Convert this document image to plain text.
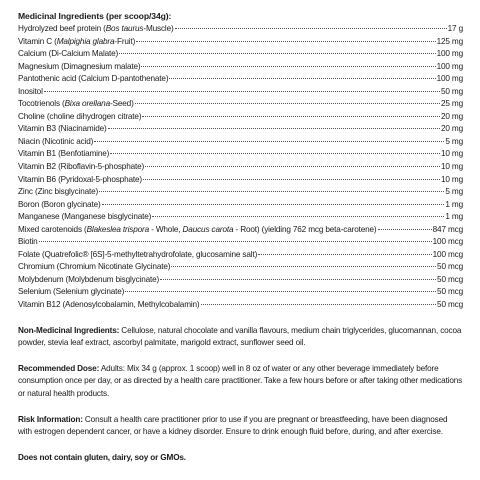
Medicinal Ingredients (per scoop/34g):
Hydrolyzed beef protein (Bos taurus-Muscle)	17 g
Vitamin C (Malpighia glabra-Fruit)	125 mg
Calcium (Di-Calcium Malate)	100 mg
Magnesium (Dimagnesium malate)	100 mg
Pantothenic acid (Calcium D-pantothenate)	100 mg
Inositol	50 mg
Tocotrienols (Bixa orellana-Seed)	25 mg
Choline (choline dihydrogen citrate)	20 mg
Vitamin B3 (Niacinamide)	20 mg
Niacin (Nicotinic acid)	5 mg
Vitamin B1 (Benfotiamine)	10 mg
Vitamin B2 (Riboflavin-5-phosphate)	10 mg
Vitamin B6 (Pyridoxal-5-phosphate)	10 mg
Zinc (Zinc bisglycinate)	5 mg
Boron (Boron glycinate)	1 mg
Manganese (Manganese bisglycinate)	1 mg
Mixed carotenoids (Blakeslea trispora - Whole, Daucus carota - Root) (yielding 762 mcg beta-carotene)	847 mcg
Biotin	100 mcg
Folate (Quatrefolic® [6S]-5-methyltetrahydrofolate, glucosamine salt)	100 mcg
Chromium (Chromium Nicotinate Glycinate)	50 mcg
Molybdenum (Molybdenum bisglycinate)	50 mcg
Selenium (Selenium glycinate)	50 mcg
Vitamin B12 (Adenosylcobalamin, Methylcobalamin)	50 mcg
Non-Medicinal Ingredients: Cellulose, natural chocolate and vanilla flavours, medium chain triglycerides, glucomannan, cocoa powder, stevia leaf extract, ascorbyl palmitate, marigold extract, sunflower seed oil.
Recommended Dose: Adults: Mix 34 g (approx. 1 scoop) well in 8 oz of water or any other beverage immediately before consumption once per day, or as directed by a health care practitioner. Take a few hours before or after taking other medications or natural health products.
Risk Information: Consult a health care practitioner prior to use if you are pregnant or breastfeeding, have been diagnosed with estrogen dependent cancer, or have a kidney disorder. Ensure to drink enough fluid before, during, and after exercise.
Does not contain gluten, dairy, soy or GMOs.
